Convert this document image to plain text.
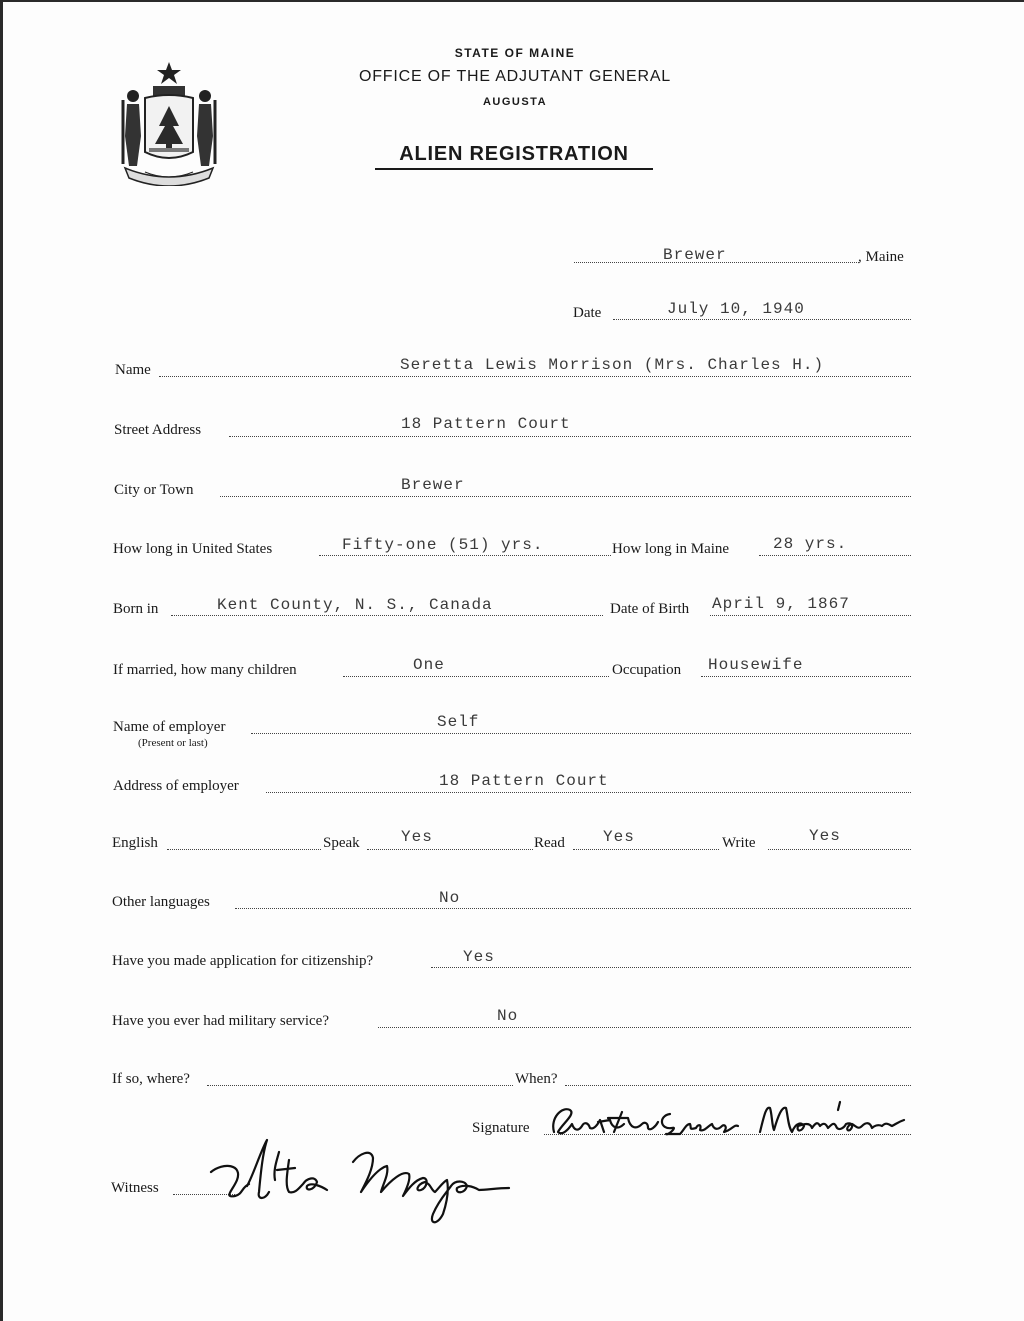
STATE OF MAINE
OFFICE OF THE ADJUTANT GENERAL
AUGUSTA
ALIEN REGISTRATION
Brewer	, Maine
Date	July 10, 1940
Name	Seretta Lewis Morrison (Mrs. Charles H.)
Street Address	18 Pattern Court
City or Town	Brewer
How long in United States	Fifty-one (51) yrs.	How long in Maine	28 yrs.
Born in	Kent County, N. S., Canada	Date of Birth April 9, 1867
If married, how many children	One	Occupation Housewife
Name of employer
(Present or last)
Self
Address of employer	18 Pattern Court
English	Speak	Yes	Read Yes	Write	Yes
Other languages	No
Have you made application for citizenship?	Yes
Have you ever had military service?	No
If so, where?	When?
Signature
Witness
